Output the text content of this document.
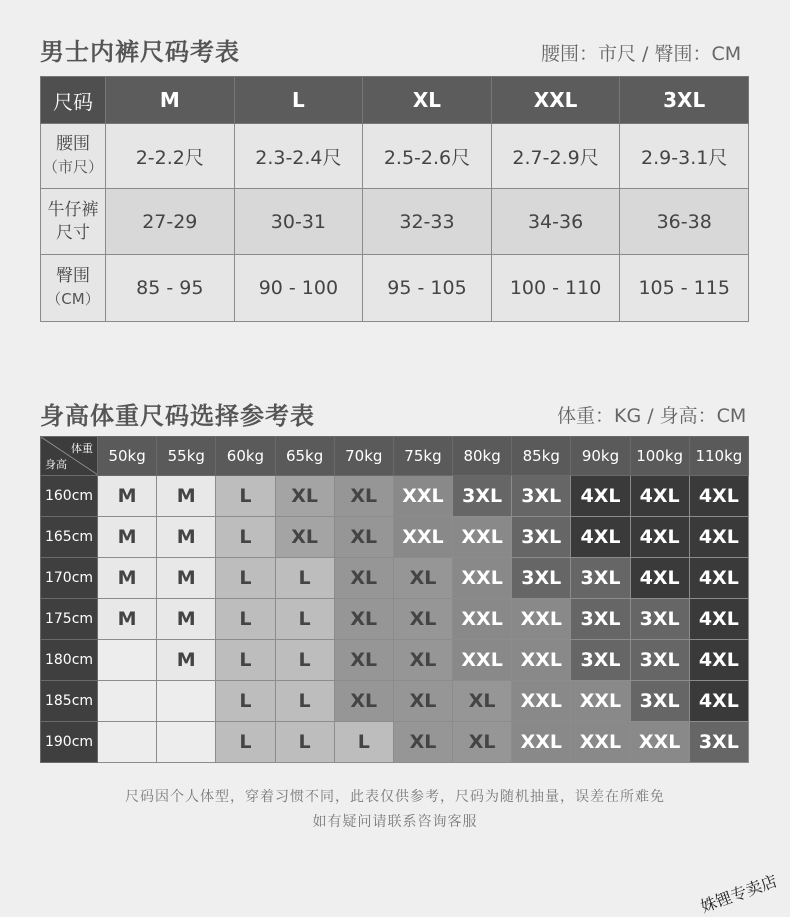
男士内裤尺码考表	腰围：市尺 / 臀围：CM
尺码	M	L	XL	XXL	3XL

腰围
（市尺）	2-2.2尺	2.3-2.4尺	2.5-2.6尺	2.7-2.9尺	2.9-3.1尺

牛仔裤
尺寸	27-29	30-31	32-33	34-36	36-38

臀围
（CM）	85 - 95	90 - 100	95 - 105	100 - 110	105 - 115
身高体重尺码选择参考表	体重：KG / 身高：CM
体重
身高	50kg	55kg	60kg	65kg	70kg	75kg	80kg	85kg	90kg	100kg	110kg
160cm	M	M	L	XL	XL	XXL	3XL	3XL	4XL	4XL	4XL
165cm	M	M	L	XL	XL	XXL	XXL	3XL	4XL	4XL	4XL
170cm	M	M	L	L	XL	XL	XXL	3XL	3XL	4XL	4XL
175cm	M	M	L	L	XL	XL	XXL	XXL	3XL	3XL	4XL
180cm		M	L	L	XL	XL	XXL	XXL	3XL	3XL	4XL
185cm			L	L	XL	XL	XL	XXL	XXL	3XL	4XL
190cm			L	L	L	XL	XL	XXL	XXL	XXL	3XL
尺码因个人体型，穿着习惯不同，此表仅供参考，尺码为随机抽量，误差在所难免
如有疑问请联系咨询客服
姝锂专卖店
